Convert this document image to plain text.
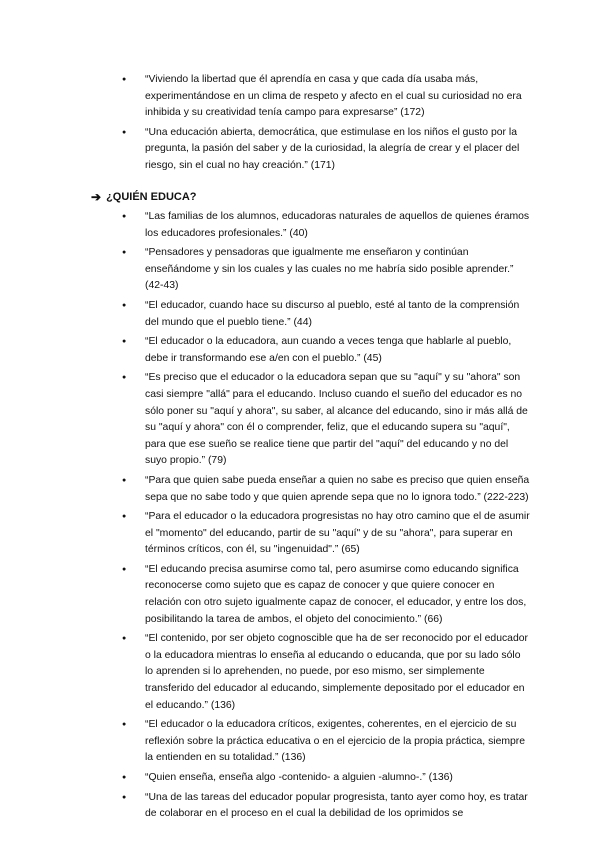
● “Viviendo la libertad que él aprendía en casa y que cada día usaba más, experimentándose en un clima de respeto y afecto en el cual su curiosidad no era inhibida y su creatividad tenía campo para expresarse” (172)
● “Una educación abierta, democrática, que estimulase en los niños el gusto por la pregunta, la pasión del saber y de la curiosidad, la alegría de crear y el placer del riesgo, sin el cual no hay creación.” (171)
➔ ¿QUIÉN EDUCA?
● “Las familias de los alumnos, educadoras naturales de aquellos de quienes éramos los educadores profesionales.” (40)
● “Pensadores y pensadoras que igualmente me enseñaron y continúan enseñándome y sin los cuales y las cuales no me habría sido posible aprender.” (42-43)
● “El educador, cuando hace su discurso al pueblo, esté al tanto de la comprensión del mundo que el pueblo tiene.” (44)
● “El educador o la educadora, aun cuando a veces tenga que hablarle al pueblo, debe ir transformando ese a/en con el pueblo.” (45)
● “Es preciso que el educador o la educadora sepan que su "aquí" y su "ahora" son casi siempre "allá" para el educando. Incluso cuando el sueño del educador es no sólo poner su "aquí y ahora", su saber, al alcance del educando, sino ir más allá de su "aquí y ahora" con él o comprender, feliz, que el educando supera su "aquí", para que ese sueño se realice tiene que partir del "aquí" del educando y no del suyo propio.” (79)
● “Para que quien sabe pueda enseñar a quien no sabe es preciso que quien enseña sepa que no sabe todo y que quien aprende sepa que no lo ignora todo.” (222-223)
● “Para el educador o la educadora progresistas no hay otro camino que el de asumir el "momento" del educando, partir de su "aquí" y de su "ahora", para superar en términos críticos, con él, su "ingenuidad".” (65)
● “El educando precisa asumirse como tal, pero asumirse como educando significa reconocerse como sujeto que es capaz de conocer y que quiere conocer en relación con otro sujeto igualmente capaz de conocer, el educador, y entre los dos, posibilitando la tarea de ambos, el objeto del conocimiento.” (66)
● “El contenido, por ser objeto cognoscible que ha de ser reconocido por el educador o la educadora mientras lo enseña al educando o educanda, que por su lado sólo lo aprenden si lo aprehenden, no puede, por eso mismo, ser simplemente transferido del educador al educando, simplemente depositado por el educador en el educando.” (136)
● “El educador o la educadora críticos, exigentes, coherentes, en el ejercicio de su reflexión sobre la práctica educativa o en el ejercicio de la propia práctica, siempre la entienden en su totalidad.” (136)
● “Quien enseña, enseña algo -contenido- a alguien -alumno-.” (136)
● “Una de las tareas del educador popular progresista, tanto ayer como hoy, es tratar de colaborar en el proceso en el cual la debilidad de los oprimidos se
